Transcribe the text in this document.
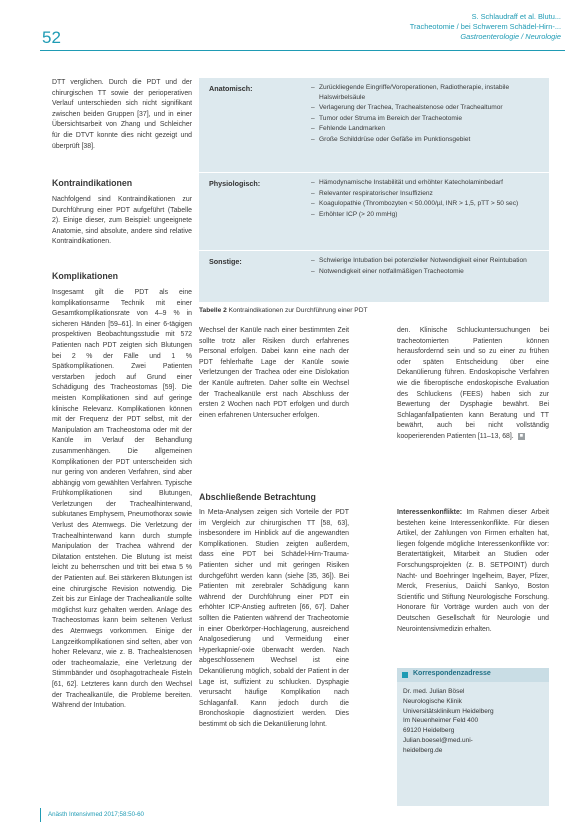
52
S. Schlaudraff et al. Blutu...
Tracheotomie / bei Schwerem Schädel-Hirn-...
Gastroenterologie / Neurologie

DTT verglichen. Durch die PDT und der chirurgischen TT sowie der perioperativen Verlauf unterschieden sich nicht signifikant zwischen beiden Gruppen [37], und in einer Übersichtsarbeit von Zhang und Schleicher für die DTVT konnte dies nicht gezeigt und überprüft [38].

Kontraindikationen

Nachfolgend sind Kontraindikationen zur Durchführung einer PDT aufgeführt (Tabelle 2). Einige dieser, zum Beispiel: ungeeignete Anatomie, sind absolute, andere sind relative Kontraindikationen.

Komplikationen

Insgesamt gilt die PDT als eine komplikationsarme Technik mit einer Gesamtkomplikationsrate von 4–9 % in sicheren Händen [59–61]. In einer 6-tägigen prospektiven Beobachtungsstudie mit 572 Patienten nach PDT zeigten sich Blutungen bei 2 % der Fälle und 1 % Spätkomplikationen. Zwei Patienten verstarben jedoch auf Grund einer Schädigung des Tracheostomas [59]. Die meisten Komplikationen sind auf geringe klinische Relevanz. Komplikationen können mit der Frequenz der PDT selbst, mit der Manipulation am Tracheostoma oder mit der Kanüle im Verlauf der Behandlung zusammenhängen. Die allgemeinen Komplikationen der PDT unterscheiden sich nur gering von anderen Verfahren, sind aber abhängig vom gewählten Verfahren. Typische Frühkomplikationen sind Blutungen, Verletzungen der Trachealhinterwand, subkutanes Emphysem, Pneumothorax sowie Verlust des Atemwegs. Die Verletzung der Trachealhinterwand kann durch stumpfe Manipulation der Trachea während der Dilatation entstehen. Die Blutung ist meist leicht zu beherrschen und tritt bei etwa 5 % der Patienten auf. Bei stärkeren Blutungen ist eine chirurgische Revision notwendig. Die Zeit bis zur Einlage der Trachealkanüle sollte möglichst kurz gehalten werden. Anlage des Tracheostomas kann beim seltenen Verlust des Atemwegs vorkommen. Einige der Langzeitkomplikationen sind selten, aber von hoher Relevanz, wie z. B. Trachealstenosen oder tracheomalazie, eine Verletzung der Stimmbänder und ösophagotracheale Fisteln [61, 62]. Letzteres kann durch den Wechsel der Trachealkanüle, die Probleme bereiten. Während der Intubation.

Anatomisch:	– Zurückliegende Eingriffe/Voroperationen, Radiotherapie, instabile Halswirbelsäule
– Verlagerung der Trachea, Trachealstenose oder Trachealtumor
– Tumor oder Struma im Bereich der Tracheotomie
– Fehlende Landmarken
– Große Schilddrüse oder Gefäße im Punktionsgebiet
Physiologisch:	– Hämodynamische Instabilität und erhöhter Katecholaminbedarf
– Relevanter respiratorischer Insuffizienz
– Koagulopathie (Thrombozyten < 50.000/µl, INR > 1,5, pTT > 50 sec)
– Erhöhter ICP (> 20 mmHg)
Sonstige:	– Schwierige Intubation bei potenzieller Notwendigkeit einer Reintubation
– Notwendigkeit einer notfallmäßigen Tracheotomie
Tabelle 2 Kontraindikationen zur Durchführung einer PDT

Wechsel der Kanüle nach einer bestimmten Zeit sollte trotz aller Risiken durch erfahrenes Personal erfolgen. Dabei kann eine nach der PDT fehlerhafte Lage der Kanüle sowie Verletzungen der Trachea oder eine Dislokation der Kanüle auftreten. Daher sollte ein Wechsel der Trachealkanüle erst nach Abschluss der ersten 2 Wochen nach PDT erfolgen und durch einen erfahrenen Untersucher erfolgen.

Abschließende Betrachtung

In Meta-Analysen zeigen sich Vorteile der PDT im Vergleich zur chirurgischen TT [58, 63], insbesondere im Hinblick auf die angewandten Komplikationen. Studien zeigten außerdem, dass eine PDT bei Schädel-Hirn-Trauma-Patienten sicher und mit geringen Risiken durchgeführt werden kann (siehe [35, 36]). Bei Patienten mit zerebraler Schädigung kann während der Durchführung einer PDT ein erhöhter ICP-Anstieg auftreten [66, 67]. Daher sollten die Patienten während der Tracheotomie in einer Oberkörper-Hochlagerung, ausreichend Analgosedierung und Vermeidung einer Hyperkapnie/-oxie überwacht werden. Nach abgeschlossenem Wechsel ist eine Dekanülierung möglich, sobald der Patient in der Lage ist, suffizient zu schlucken. Dysphagie verursacht häufige Komplikation nach Schlaganfall. Kann jedoch durch die Bronchoskopie diagnostiziert werden. Dies bestimmt ob sich die Dekanülierung lohnt.

den. Klinische Schluckuntersuchungen bei tracheotomierten Patienten können herausfordernd sein und so zu einer zu frühen oder späten Entscheidung über eine Dekanülierung führen. Endoskopische Verfahren wie die fiberoptische endoskopische Evaluation des Schluckens (FEES) haben sich zur Bewertung der Dysphagie bewährt. Bei Schlaganfallpatienten kann Beratung und TT bewährt, auch bei nicht vollständig kooperierenden Patienten [11–13, 68]. ■

Interessenkonflikte: Im Rahmen dieser Arbeit bestehen keine Interessenkonflikte. Für diesen Artikel, der Zahlungen von Firmen erhalten hat, liegen folgende mögliche Interessenkonflikte vor: Beratertätigkeit, Mitarbeit an Studien oder Forschungsprojekten (z. B. SETPOINT) durch Nacht- und Boehringer Ingelheim, Bayer, Pfizer, Merck, Fresenius, Daiichi Sankyo, Boston Scientific und Stiftung Neurologische Forschung. Honorare für Vorträge wurden auch von der Deutschen Gesellschaft für Neurologie und Neurointensivmedizin erhalten.

Korrespondenzadresse
Dr. med. Julian Bösel
Neurologische Klinik
Universitätsklinikum Heidelberg
Im Neuenheimer Feld 400
69120 Heidelberg
Julian.boesel@med.uni-
heidelberg.de
Anästh Intensivmed 2017;58:50-60
